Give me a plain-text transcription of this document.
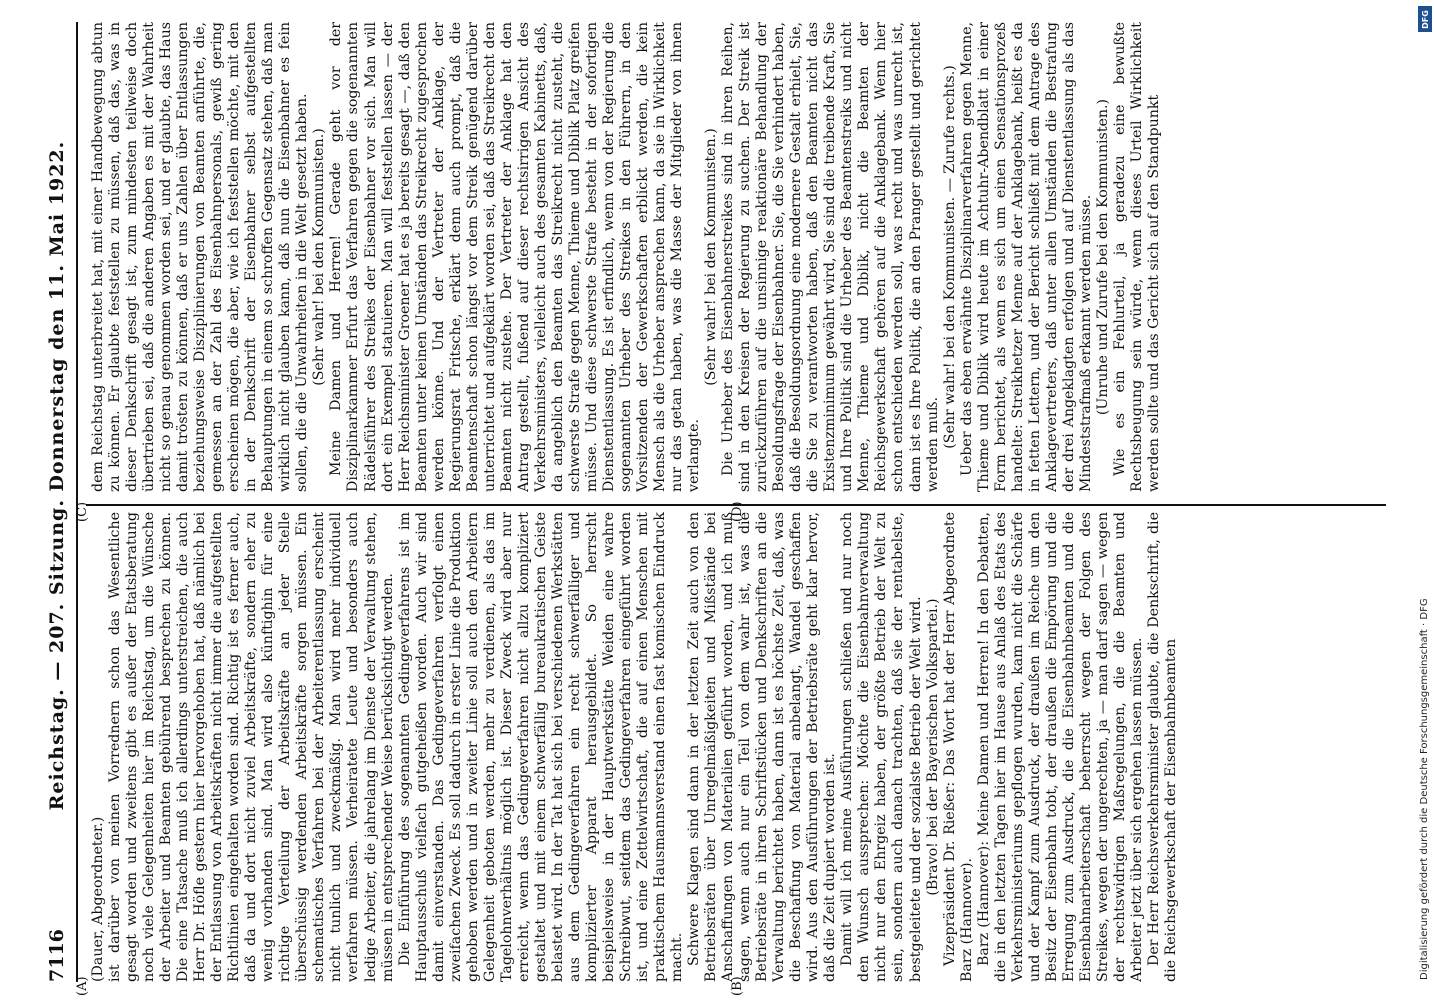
7116
Reichstag. — 207. Sitzung. Donnerstag den 11. Mai 1922.

(Dauer, Abgeordneter.) ist darüber von meinen Vorrednern schon das Wesentliche gesagt worden und zweitens gibt es außer der Etatsberatung noch viele Gelegenheiten hier im Reichstag, um die Wünsche der Arbeiter und Beamten gebührend besprechen zu können. Die eine Tatsache muß ich allerdings unterstreichen, die auch Herr Dr. Höfle gestern hier hervorgehoben hat, daß nämlich bei der Entlassung von Arbeitskräften nicht immer die aufgestellten Richtlinien eingehalten worden sind. Richtig ist es ferner auch, daß da und dort nicht zuviel Arbeitskräfte, sondern eher zu wenig vorhanden sind. Man wird also künftighin für eine richtige Verteilung der Arbeitskräfte an jeder Stelle überschüssig werdenden Arbeitskräfte sorgen müssen. Ein schematisches Verfahren bei der Arbeiterentlassung erscheint nicht tunlich und zweckmäßig. Man wird mehr individuell verfahren müssen. Verheiratete Leute und besonders auch ledige Arbeiter, die jahrelang im Dienste der Verwaltung stehen, müssen in entsprechender Weise berücksichtigt werden. Die Einführung des sogenannten Gedingeverfahrens ist im Hauptausschuß vielfach gutgeheißen worden. Auch wir sind damit einverstanden. Das Gedingeverfahren verfolgt einen zweifachen Zweck. Es soll dadurch in erster Linie die Produktion gehoben werden und in zweiter Linie soll auch den Arbeitern Gelegenheit geboten werden, mehr zu verdienen, als das im Tagelohnverhältnis möglich ist. Dieser Zweck wird aber nur erreicht, wenn das Gedingeverfahren nicht allzu kompliziert gestaltet und mit einem schwerfällig bureaukratischen Geiste belastet wird. In der Tat hat sich bei verschiedenen Werkstätten aus dem Gedingeverfahren ein recht schwerfälliger und komplizierter Apparat herausgebildet. So herrscht beispielsweise in der Hauptwerkstätte Weiden eine wahre Schreibwut, seitdem das Gedingeverfahren eingeführt worden ist, und eine Zettelwirtschaft, die auf einen Menschen mit praktischem Hausmannsverstand einen fast komischen Eindruck macht. Schwere Klagen sind dann in der letzten Zeit auch von den Betriebsräten über Unregelmäßigkeiten und Mißstände bei Anschaffungen von Materialien geführt worden, und ich muß sagen, wenn auch nur ein Teil von dem wahr ist, was die Betriebsräte in ihren Schriftstücken und Denkschriften an die Verwaltung berichtet haben, dann ist es höchste Zeit, daß, was die Beschaffung von Material anbelangt, Wandel geschaffen wird. Aus den Ausführungen der Betriebsräte geht klar hervor, daß die Zeit dupiert worden ist. Damit will ich meine Ausführungen schließen und nur noch den Wunsch aussprechen: Möchte die Eisenbahnverwaltung nicht nur den Ehrgeiz haben, der größte Betrieb der Welt zu sein, sondern auch danach trachten, daß sie der rentabelste, bestgeleitete und der sozialste Betrieb der Welt wird. (Bravo! bei der Bayerischen Volkspartei.) Vizepräsident Dr. Rießer: Das Wort hat der Herr Abgeordnete Barz (Hannover). Barz (Hannover): Meine Damen und Herren! In den Debatten, die in den letzten Tagen hier im Hause aus Anlaß des Etats des Verkehrsministeriums gepflogen wurden, kam nicht die Schärfe und der Kampf zum Ausdruck, der draußen im Reiche um den Besitz der Eisenbahn tobt, der draußen die Empörung und die Erregung zum Ausdruck, die die Eisenbahnbeamten und die Eisenbahnarbeiterschaft beherrscht wegen der Folgen des Streikes, wegen der ungerechten, ja — man darf sagen — wegen der rechtswidrigen Maßregelungen, die die Beamten und Arbeiter jetzt über sich ergehen lassen müssen. Der Herr Reichsverkehrsminister glaubte, die Denkschrift, die die Reichsgewerkschaft der Eisenbahnbeamten

dem Reichstag unterbreitet hat, mit einer Handbewegung abtun zu können. Er glaubte feststellen zu müssen, daß das, was in dieser Denkschrift gesagt ist, zum mindesten teilweise doch übertrieben sei, daß die anderen Angaben es mit der Wahrheit nicht so genau genommen worden sei, und er glaubte, das Haus damit trösten zu können, daß er uns Zahlen über Entlassungen beziehungsweise Disziplinierungen von Beamten anführte, die, gemessen an der Zahl des Eisenbahnpersonals, gewiß gering erscheinen mögen, die aber, wie ich feststellen möchte, mit den in der Denkschrift der Eisenbahner selbst aufgestellten Behauptungen in einem so schroffen Gegensatz stehen, daß man wirklich nicht glauben kann, daß nun die Eisenbahner es fein sollen, die die Unwahrheiten in die Welt gesetzt haben. (Sehr wahr! bei den Kommunisten.) Meine Damen und Herren! Gerade geht vor der Disziplinarkammer Erfurt das Verfahren gegen die sogenannten Rädelsführer des Streikes der Eisenbahner vor sich. Man will dort ein Exempel statuieren. Man will feststellen lassen — der Herr Reichsminister Groener hat es ja bereits gesagt —, daß den Beamten unter keinen Umständen das Streikrecht zugesprochen werden könne. Und der Vertreter der Anklage, der Regierungsrat Fritsche, erklärt denn auch prompt, daß die Beamtenschaft schon längst vor dem Streik genügend darüber unterrichtet und aufgeklärt worden sei, daß das Streikrecht den Beamten nicht zustehe. Der Vertreter der Anklage hat den Antrag gestellt, fußend auf dieser rechtsirrigen Ansicht des Verkehrsministers, vielleicht auch des gesamten Kabinetts, daß, da angeblich den Beamten das Streikrecht nicht zusteht, die schwerste Strafe gegen Menne, Thieme und Diblik Platz greifen müsse. Und diese schwerste Strafe besteht in der sofortigen Dienstentlassung. Es ist erfindlich, wenn von der Regierung die sogenannten Urheber des Streikes in den Führern, in den Vorsitzenden der Gewerkschaften erblickt werden, die kein Mensch als die Urheber ansprechen kann, da sie in Wirklichkeit nur das getan haben, was die Masse der Mitglieder von ihnen verlangte.

(Sehr wahr! bei den Kommunisten.) Die Urheber des Eisenbahnerstreikes sind in ihren Reihen, sind in den Kreisen der Regierung zu suchen. Der Streik ist zurückzuführen auf die unsinnige reaktionäre Behandlung der Besoldungsfrage der Eisenbahner. Sie, die Sie verhindert haben, daß die Besoldungsordnung eine modernere Gestalt erhielt, Sie, die Sie zu verantworten haben, daß den Beamten nicht das Existenzminimum gewährt wird, Sie sind die treibende Kraft, Sie und Ihre Politik sind die Urheber des Beamtenstreiks und nicht Menne, Thieme und Diblik, nicht die Beamten der Reichsgewerkschaft gehören auf die Anklagebank. Wenn hier schon entschieden werden soll, was recht und was unrecht ist, dann ist es Ihre Politik, die an den Pranger gestellt und gerichtet werden muß. (Sehr wahr! bei den Kommunisten. — Zurufe rechts.) Ueber das eben erwähnte Disziplinarverfahren gegen Menne, Thieme und Diblik wird heute im Achtuhr-Abendblatt in einer Form berichtet, als wenn es sich um einen Sensationsprozeß handelte: Streikhetzer Menne auf der Anklagebank, heißt es da in fetten Lettern, und der Bericht schließt mit dem Antrage des Anklagevertreters, daß unter allen Umständen die Bestrafung der drei Angeklagten erfolgen und auf Dienstentlassung als das Mindeststrafmaß erkannt werden müsse. (Unruhe und Zurufe bei den Kommunisten.) Wie es ein Fehlurteil, ja geradezu eine bewußte Rechtsbeugung sein würde, wenn dieses Urteil Wirklichkeit werden sollte und das Gericht sich auf den Standpunkt

(A)
(C)
(B)
(D)
DFG
Digitalisierung gefördert durch die Deutsche Forschungsgemeinschaft · DFG
